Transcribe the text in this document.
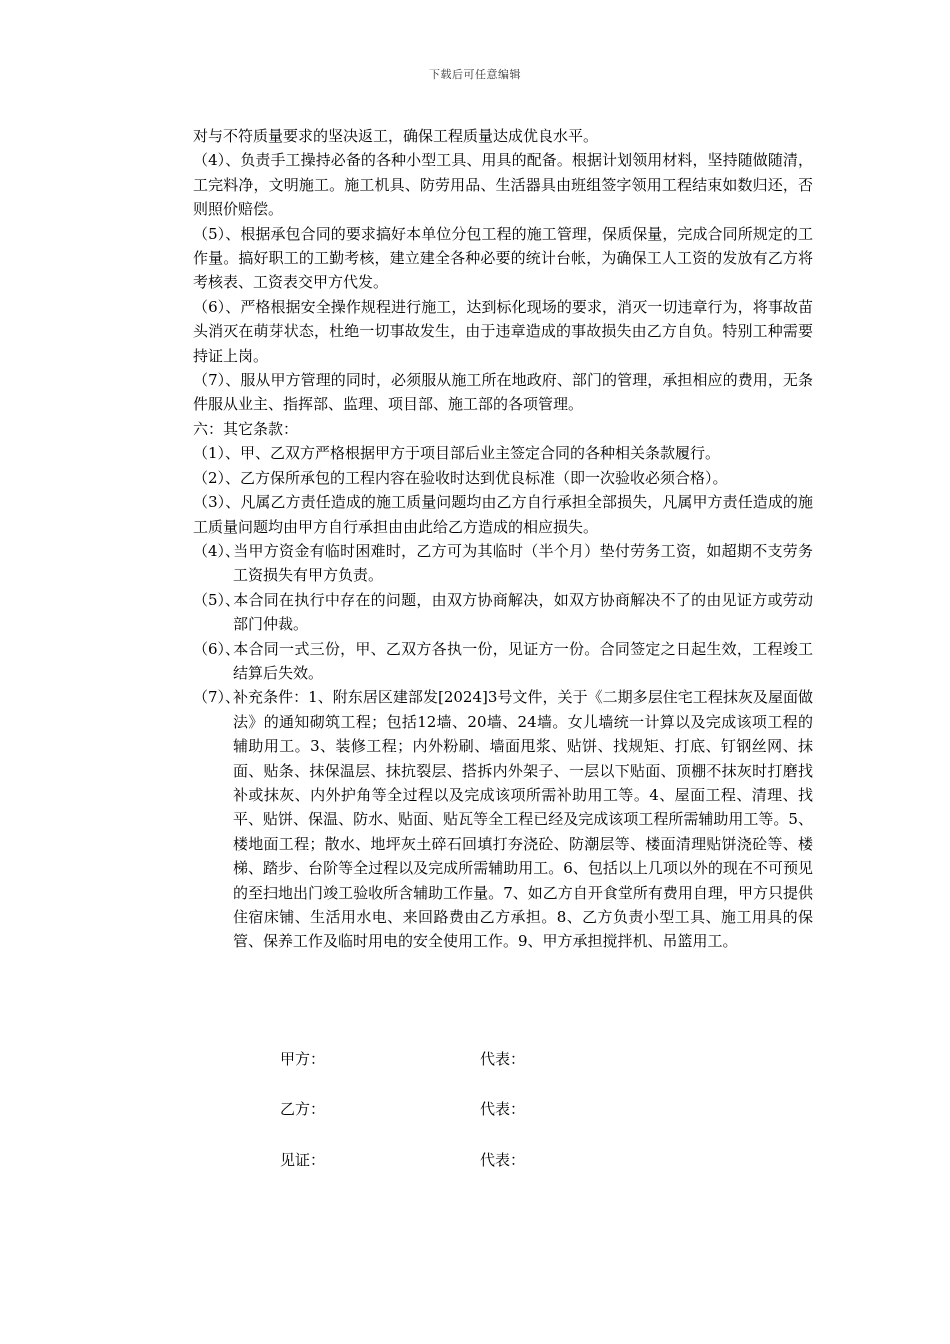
下载后可任意编辑

对与不符质量要求的坚决返工，确保工程质量达成优良水平。

（4）、负责手工操持必备的各种小型工具、用具的配备。根据计划领用材料，坚持随做随清，工完料净，文明施工。施工机具、防劳用品、生活器具由班组签字领用工程结束如数归还，否则照价赔偿。

（5）、根据承包合同的要求搞好本单位分包工程的施工管理，保质保量，完成合同所规定的工作量。搞好职工的工勤考核，建立建全各种必要的统计台帐，为确保工人工资的发放有乙方将考核表、工资表交甲方代发。

（6）、严格根据安全操作规程进行施工，达到标化现场的要求，消灭一切违章行为，将事故苗头消灭在萌芽状态，杜绝一切事故发生，由于违章造成的事故损失由乙方自负。特别工种需要持证上岗。

（7）、服从甲方管理的同时，必须服从施工所在地政府、部门的管理，承担相应的费用，无条件服从业主、指挥部、监理、项目部、施工部的各项管理。

六：其它条款：

（1）、甲、乙双方严格根据甲方于项目部后业主签定合同的各种相关条款履行。

（2）、乙方保所承包的工程内容在验收时达到优良标准（即一次验收必须合格）。

（3）、凡属乙方责任造成的施工质量问题均由乙方自行承担全部损失，凡属甲方责任造成的施工质量问题均由甲方自行承担由由此给乙方造成的相应损失。

（4）、当甲方资金有临时困难时，乙方可为其临时（半个月）垫付劳务工资，如超期不支劳务工资损失有甲方负责。

（5）、本合同在执行中存在的问题，由双方协商解决，如双方协商解决不了的由见证方或劳动部门仲裁。

（6）、本合同一式三份，甲、乙双方各执一份，见证方一份。合同签定之日起生效，工程竣工结算后失效。

（7）、补充条件：1、附东居区建部发[2024]3号文件，关于《二期多层住宅工程抹灰及屋面做法》的通知砌筑工程；包括12墙、20墙、24墙。女儿墙统一计算以及完成该项工程的辅助用工。3、装修工程；内外粉刷、墙面甩浆、贴饼、找规矩、打底、钉钢丝网、抹面、贴条、抹保温层、抹抗裂层、搭拆内外架子、一层以下贴面、顶棚不抹灰时打磨找补或抹灰、内外护角等全过程以及完成该项所需补助用工等。4、屋面工程、清理、找平、贴饼、保温、防水、贴面、贴瓦等全工程已经及完成该项工程所需辅助用工等。5、楼地面工程；散水、地坪灰土碎石回填打夯浇砼、防潮层等、楼面清理贴饼浇砼等、楼梯、踏步、台阶等全过程以及完成所需辅助用工。6、包括以上几项以外的现在不可预见的至扫地出门竣工验收所含辅助工作量。7、如乙方自开食堂所有费用自理，甲方只提供住宿床铺、生活用水电、来回路费由乙方承担。8、乙方负责小型工具、施工用具的保管、保养工作及临时用电的安全使用工作。9、甲方承担搅拌机、吊篮用工。

甲方：	代表：
乙方：	代表：
见证：	代表：
